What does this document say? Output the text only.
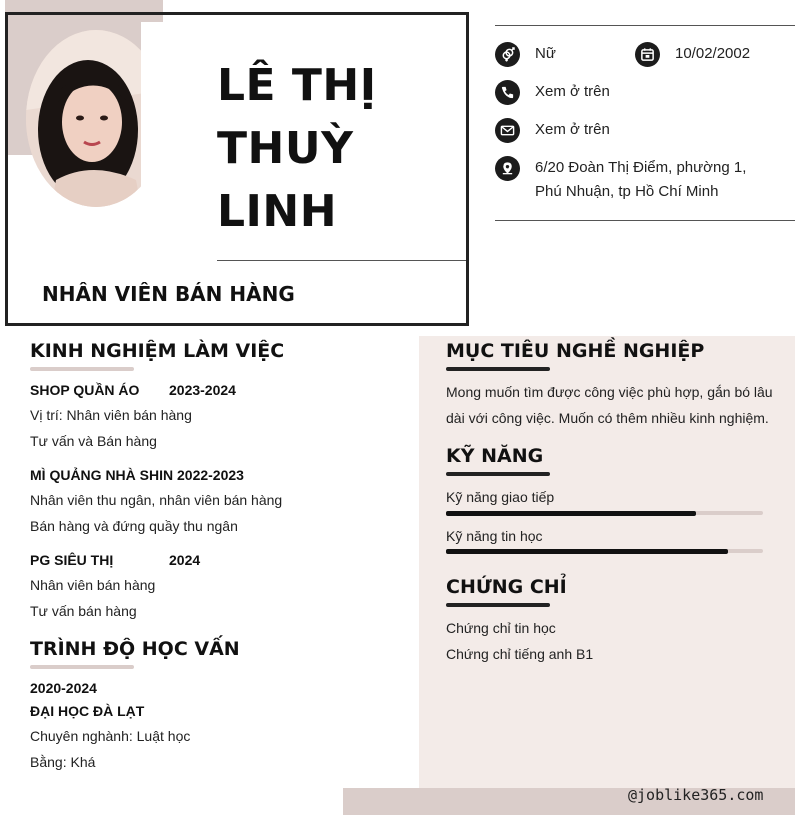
LÊ THỊ
THUỲ
LINH
NHÂN VIÊN BÁN HÀNG
Nữ	10/02/2002
Xem ở trên
Xem ở trên
6/20 Đoàn Thị Điểm, phường 1,
Phú Nhuận, tp Hồ Chí Minh
KINH NGHIỆM LÀM VIỆC
SHOP QUẦN ÁO 2023-2024
Vị trí: Nhân viên bán hàng
Tư vấn và Bán hàng
MÌ QUẢNG NHÀ SHIN 2022-2023
Nhân viên thu ngân, nhân viên bán hàng
Bán hàng và đứng quầy thu ngân
PG SIÊU THỊ	2024
Nhân viên bán hàng
Tư vấn bán hàng
TRÌNH ĐỘ HỌC VẤN
2020-2024
ĐẠI HỌC ĐÀ LẠT
Chuyên nghành: Luật học
Bằng: Khá
MỤC TIÊU NGHỀ NGHIỆP
Mong muốn tìm được công việc phù hợp, gắn bó lâu dài với công việc. Muốn có thêm nhiều kinh nghiệm.
KỸ NĂNG
Kỹ năng giao tiếp
Kỹ năng tin học
CHỨNG CHỈ
Chứng chỉ tin học
Chứng chỉ tiếng anh B1
@joblike365.com
